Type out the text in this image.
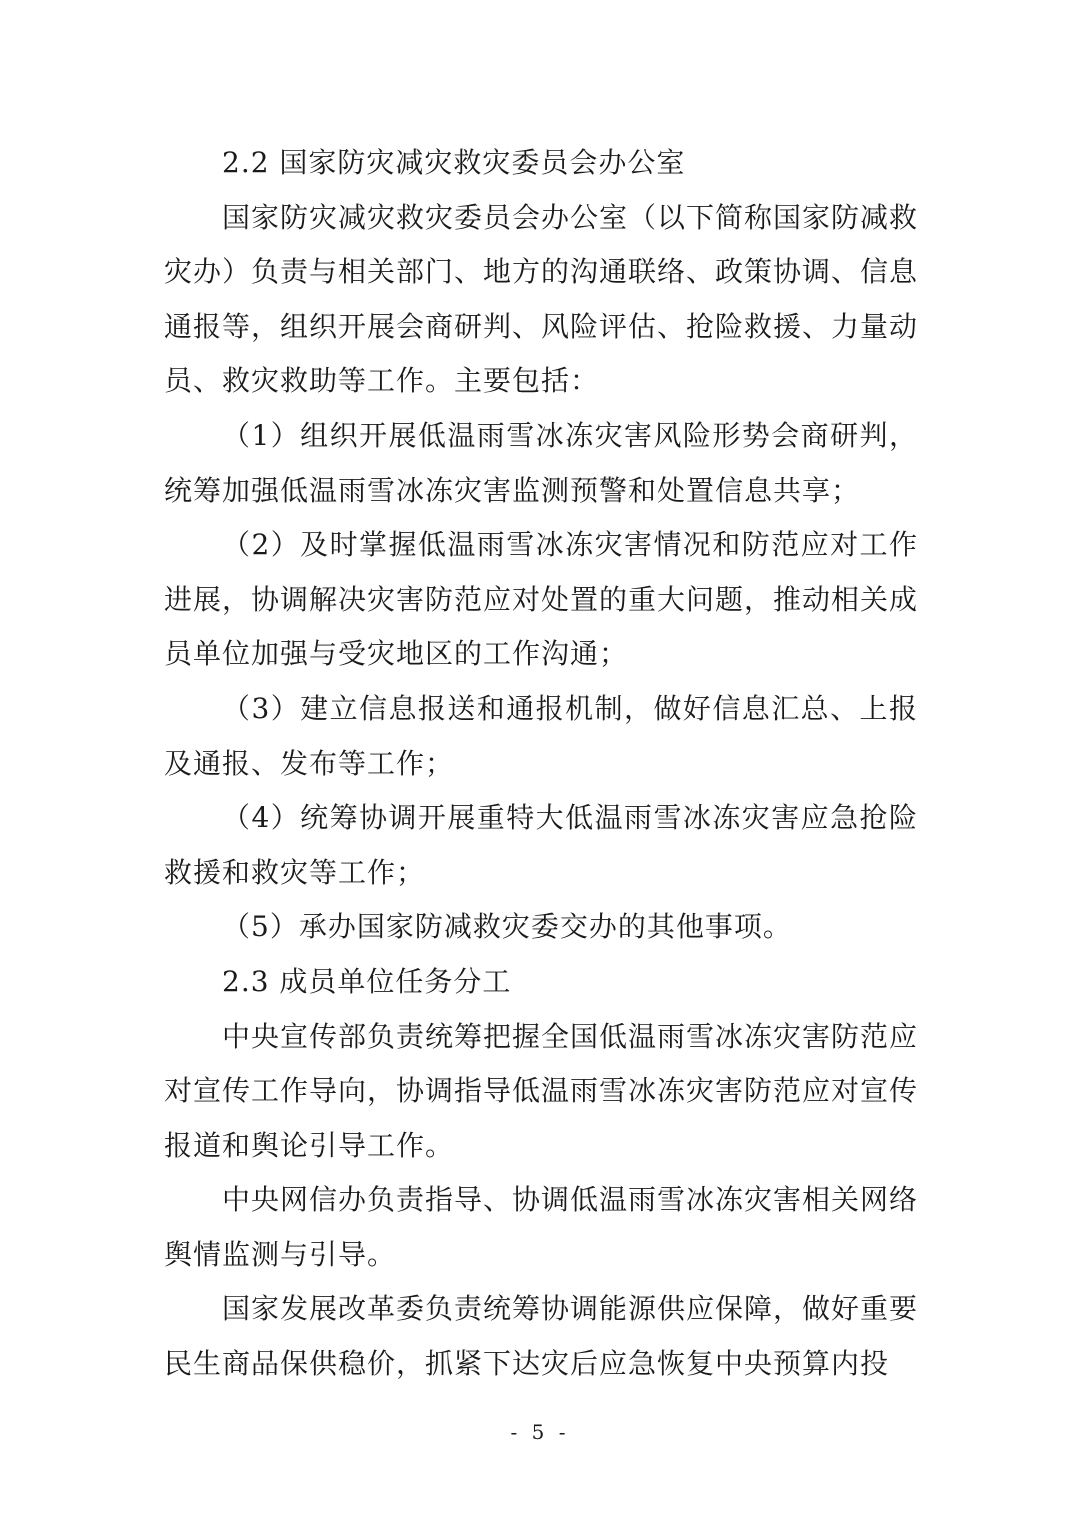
2.2 国家防灾减灾救灾委员会办公室

国家防灾减灾救灾委员会办公室（以下简称国家防减救灾办）负责与相关部门、地方的沟通联络、政策协调、信息通报等，组织开展会商研判、风险评估、抢险救援、力量动员、救灾救助等工作。主要包括：

（1）组织开展低温雨雪冰冻灾害风险形势会商研判，统筹加强低温雨雪冰冻灾害监测预警和处置信息共享；

（2）及时掌握低温雨雪冰冻灾害情况和防范应对工作进展，协调解决灾害防范应对处置的重大问题，推动相关成员单位加强与受灾地区的工作沟通；

（3）建立信息报送和通报机制，做好信息汇总、上报及通报、发布等工作；

（4）统筹协调开展重特大低温雨雪冰冻灾害应急抢险救援和救灾等工作；

（5）承办国家防减救灾委交办的其他事项。

2.3 成员单位任务分工

中央宣传部负责统筹把握全国低温雨雪冰冻灾害防范应对宣传工作导向，协调指导低温雨雪冰冻灾害防范应对宣传报道和舆论引导工作。

中央网信办负责指导、协调低温雨雪冰冻灾害相关网络舆情监测与引导。

国家发展改革委负责统筹协调能源供应保障，做好重要民生商品保供稳价，抓紧下达灾后应急恢复中央预算内投

- 5 -
